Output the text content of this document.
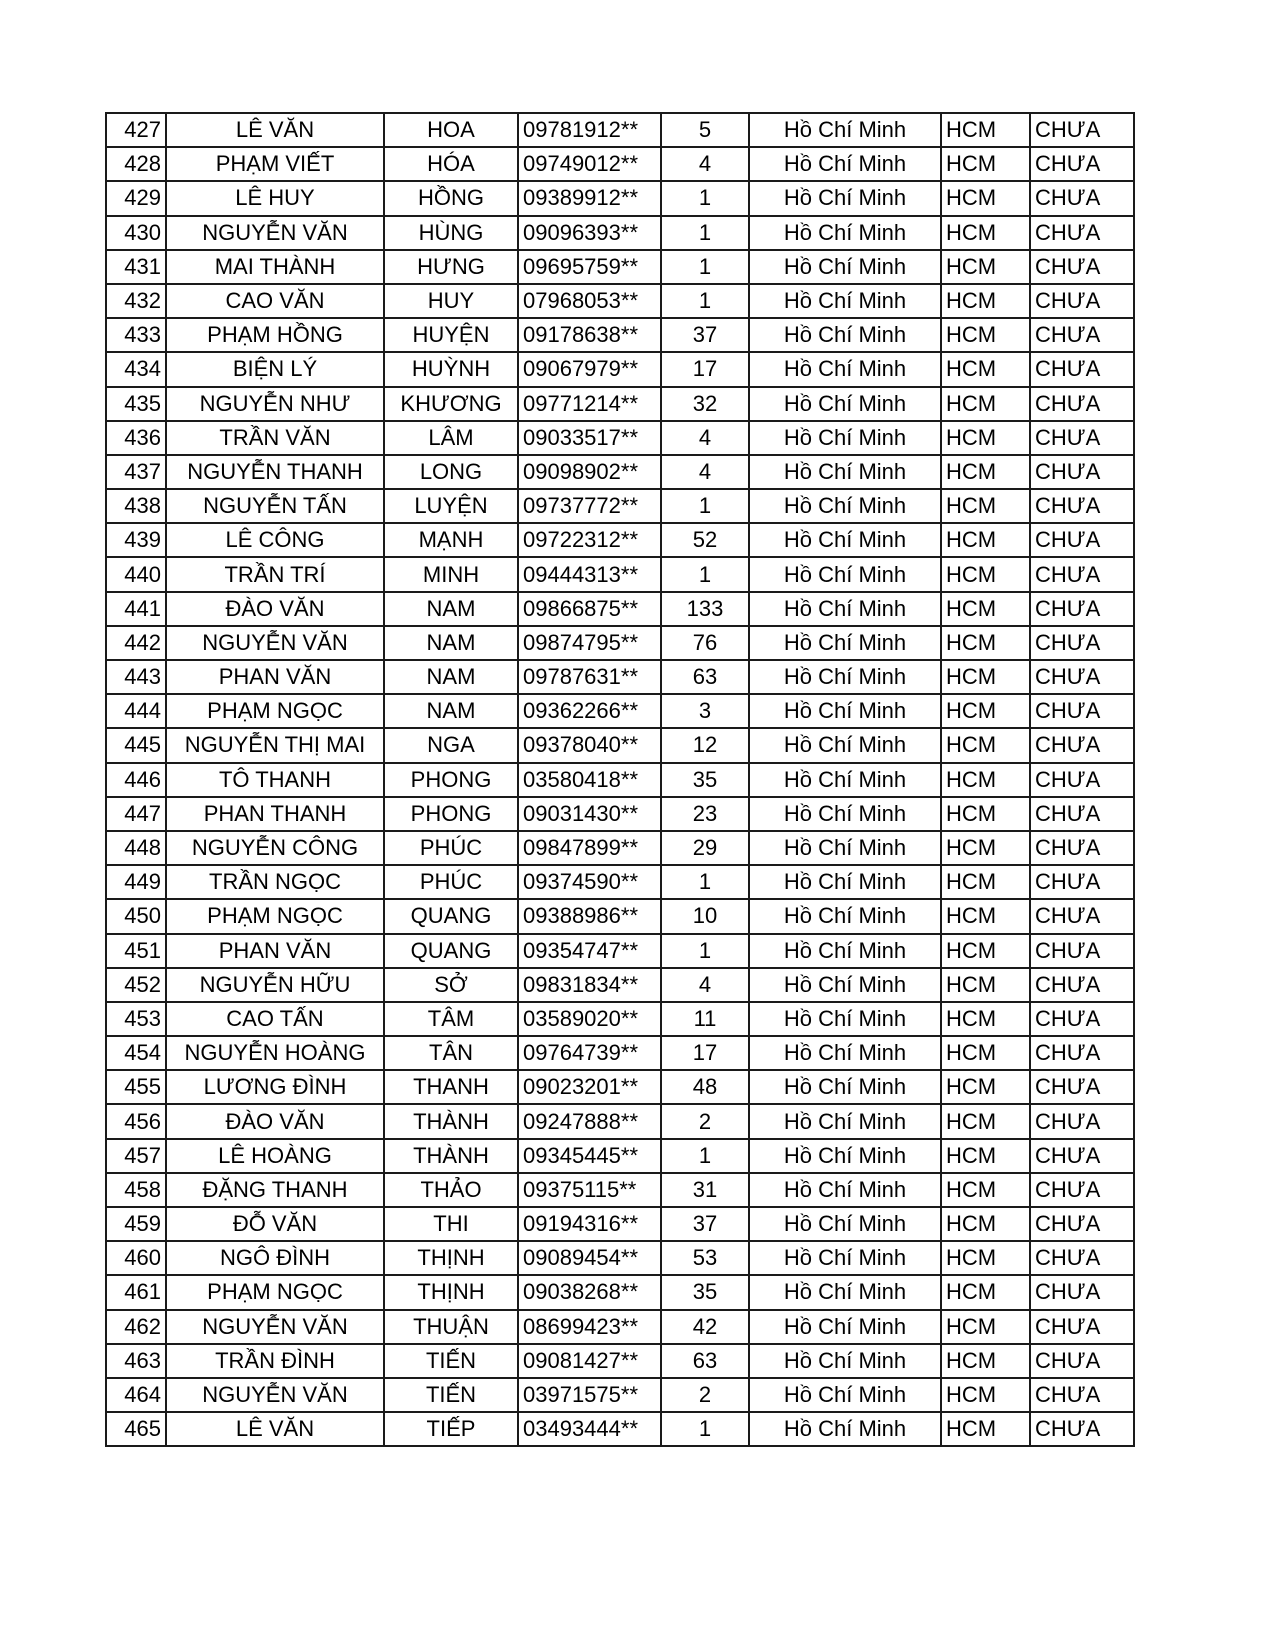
427	LÊ VĂN	HOA	09781912**	5	Hồ Chí Minh	HCM	CHƯA
428	PHẠM VIẾT	HÓA	09749012**	4	Hồ Chí Minh	HCM	CHƯA
429	LÊ HUY	HỒNG	09389912**	1	Hồ Chí Minh	HCM	CHƯA
430	NGUYỄN VĂN	HÙNG	09096393**	1	Hồ Chí Minh	HCM	CHƯA
431	MAI THÀNH	HƯNG	09695759**	1	Hồ Chí Minh	HCM	CHƯA
432	CAO VĂN	HUY	07968053**	1	Hồ Chí Minh	HCM	CHƯA
433	PHẠM HỒNG	HUYỆN	09178638**	37	Hồ Chí Minh	HCM	CHƯA
434	BIỆN LÝ	HUỲNH	09067979**	17	Hồ Chí Minh	HCM	CHƯA
435	NGUYỄN NHƯ	KHƯƠNG	09771214**	32	Hồ Chí Minh	HCM	CHƯA
436	TRẦN VĂN	LÂM	09033517**	4	Hồ Chí Minh	HCM	CHƯA
437	NGUYỄN THANH	LONG	09098902**	4	Hồ Chí Minh	HCM	CHƯA
438	NGUYỄN TẤN	LUYỆN	09737772**	1	Hồ Chí Minh	HCM	CHƯA
439	LÊ CÔNG	MẠNH	09722312**	52	Hồ Chí Minh	HCM	CHƯA
440	TRẦN TRÍ	MINH	09444313**	1	Hồ Chí Minh	HCM	CHƯA
441	ĐÀO VĂN	NAM	09866875**	133	Hồ Chí Minh	HCM	CHƯA
442	NGUYỄN VĂN	NAM	09874795**	76	Hồ Chí Minh	HCM	CHƯA
443	PHAN VĂN	NAM	09787631**	63	Hồ Chí Minh	HCM	CHƯA
444	PHẠM NGỌC	NAM	09362266**	3	Hồ Chí Minh	HCM	CHƯA
445	NGUYỄN THỊ MAI	NGA	09378040**	12	Hồ Chí Minh	HCM	CHƯA
446	TÔ THANH	PHONG	03580418**	35	Hồ Chí Minh	HCM	CHƯA
447	PHAN THANH	PHONG	09031430**	23	Hồ Chí Minh	HCM	CHƯA
448	NGUYỄN CÔNG	PHÚC	09847899**	29	Hồ Chí Minh	HCM	CHƯA
449	TRẦN NGỌC	PHÚC	09374590**	1	Hồ Chí Minh	HCM	CHƯA
450	PHẠM NGỌC	QUANG	09388986**	10	Hồ Chí Minh	HCM	CHƯA
451	PHAN VĂN	QUANG	09354747**	1	Hồ Chí Minh	HCM	CHƯA
452	NGUYỄN HỮU	SỞ	09831834**	4	Hồ Chí Minh	HCM	CHƯA
453	CAO TẤN	TÂM	03589020**	11	Hồ Chí Minh	HCM	CHƯA
454	NGUYỄN HOÀNG	TÂN	09764739**	17	Hồ Chí Minh	HCM	CHƯA
455	LƯƠNG ĐÌNH	THANH	09023201**	48	Hồ Chí Minh	HCM	CHƯA
456	ĐÀO VĂN	THÀNH	09247888**	2	Hồ Chí Minh	HCM	CHƯA
457	LÊ HOÀNG	THÀNH	09345445**	1	Hồ Chí Minh	HCM	CHƯA
458	ĐẶNG THANH	THẢO	09375115**	31	Hồ Chí Minh	HCM	CHƯA
459	ĐỖ VĂN	THI	09194316**	37	Hồ Chí Minh	HCM	CHƯA
460	NGÔ ĐÌNH	THỊNH	09089454**	53	Hồ Chí Minh	HCM	CHƯA
461	PHẠM NGỌC	THỊNH	09038268**	35	Hồ Chí Minh	HCM	CHƯA
462	NGUYỄN VĂN	THUẬN	08699423**	42	Hồ Chí Minh	HCM	CHƯA
463	TRẦN ĐÌNH	TIẾN	09081427**	63	Hồ Chí Minh	HCM	CHƯA
464	NGUYỄN VĂN	TIẾN	03971575**	2	Hồ Chí Minh	HCM	CHƯA
465	LÊ VĂN	TIẾP	03493444**	1	Hồ Chí Minh	HCM	CHƯA
